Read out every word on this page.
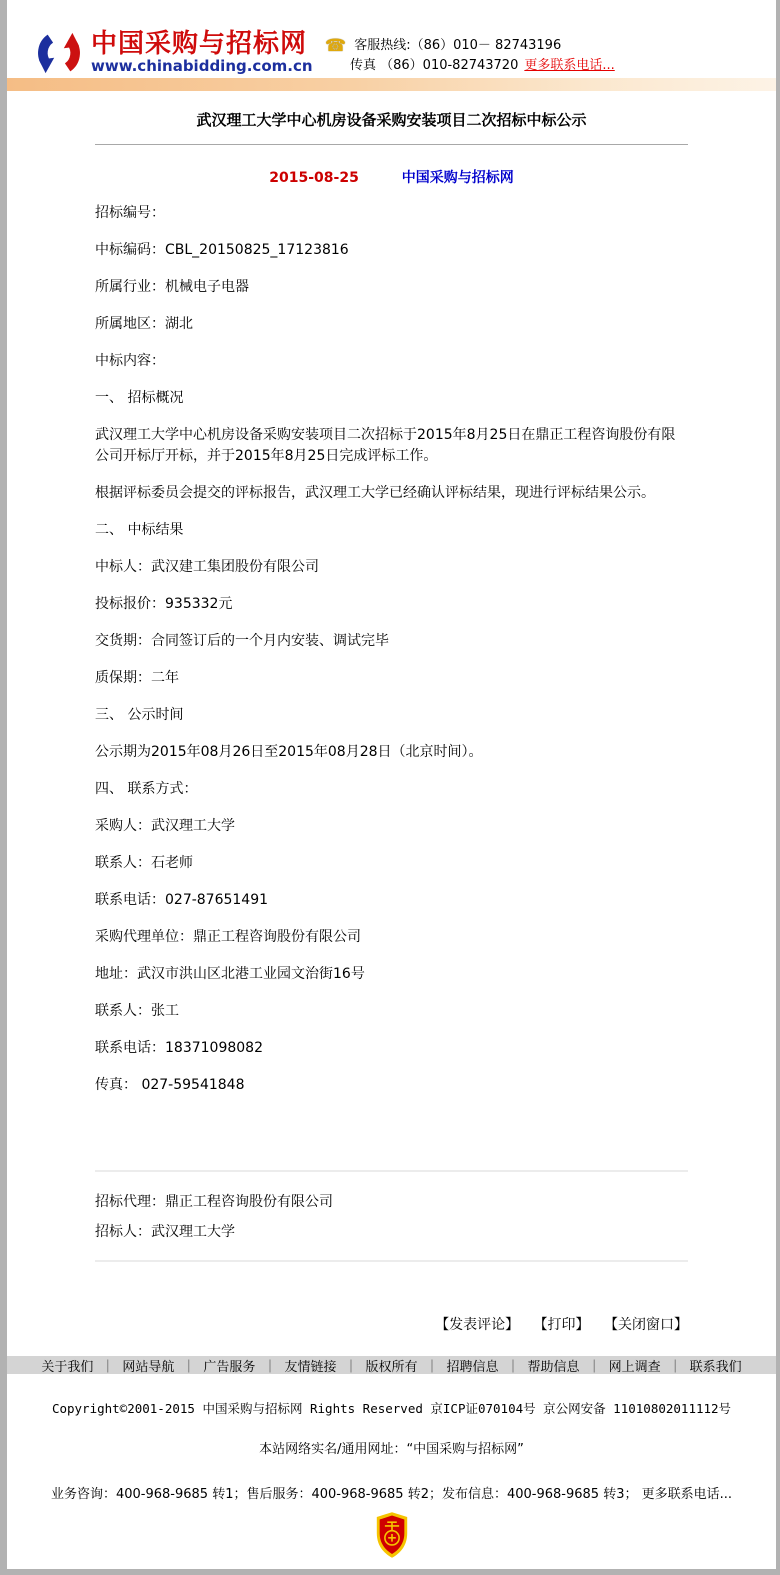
中国采购与招标网
www.chinabidding.com.cn
☎ 客服热线:（86）010－ 82743196
传真 （86）010-82743720 更多联系电话...
武汉理工大学中心机房设备采购安装项目二次招标中标公示
2015-08-25	中国采购与招标网

招标编号：

中标编码：CBL_20150825_17123816

所属行业：机械电子电器

所属地区：湖北

中标内容：

一、 招标概况

武汉理工大学中心机房设备采购安装项目二次招标于2015年8月25日在鼎正工程咨询股份有限公司开标厅开标，并于2015年8月25日完成评标工作。

根据评标委员会提交的评标报告，武汉理工大学已经确认评标结果，现进行评标结果公示。

二、 中标结果

中标人：武汉建工集团股份有限公司

投标报价：935332元

交货期：合同签订后的一个月内安装、调试完毕

质保期：二年

三、 公示时间

公示期为2015年08月26日至2015年08月28日（北京时间）。

四、 联系方式：

采购人：武汉理工大学

联系人：石老师

联系电话：027-87651491

采购代理单位：鼎正工程咨询股份有限公司

地址：武汉市洪山区北港工业园文治街16号

联系人：张工

联系电话：18371098082

传真： 027-59541848

招标代理：鼎正工程咨询股份有限公司

招标人：武汉理工大学

【发表评论】 【打印】 【关闭窗口】
关于我们 ｜ 网站导航 ｜ 广告服务 ｜ 友情链接 ｜ 版权所有 ｜ 招聘信息 ｜ 帮助信息 ｜ 网上调查 ｜ 联系我们
Copyright©2001-2015 中国采购与招标网 Rights Reserved 京ICP证070104号 京公网安备 11010802011112号
本站网络实名/通用网址：“中国采购与招标网”
业务咨询：400-968-9685 转1；售后服务：400-968-9685 转2；发布信息：400-968-9685 转3； 更多联系电话...
